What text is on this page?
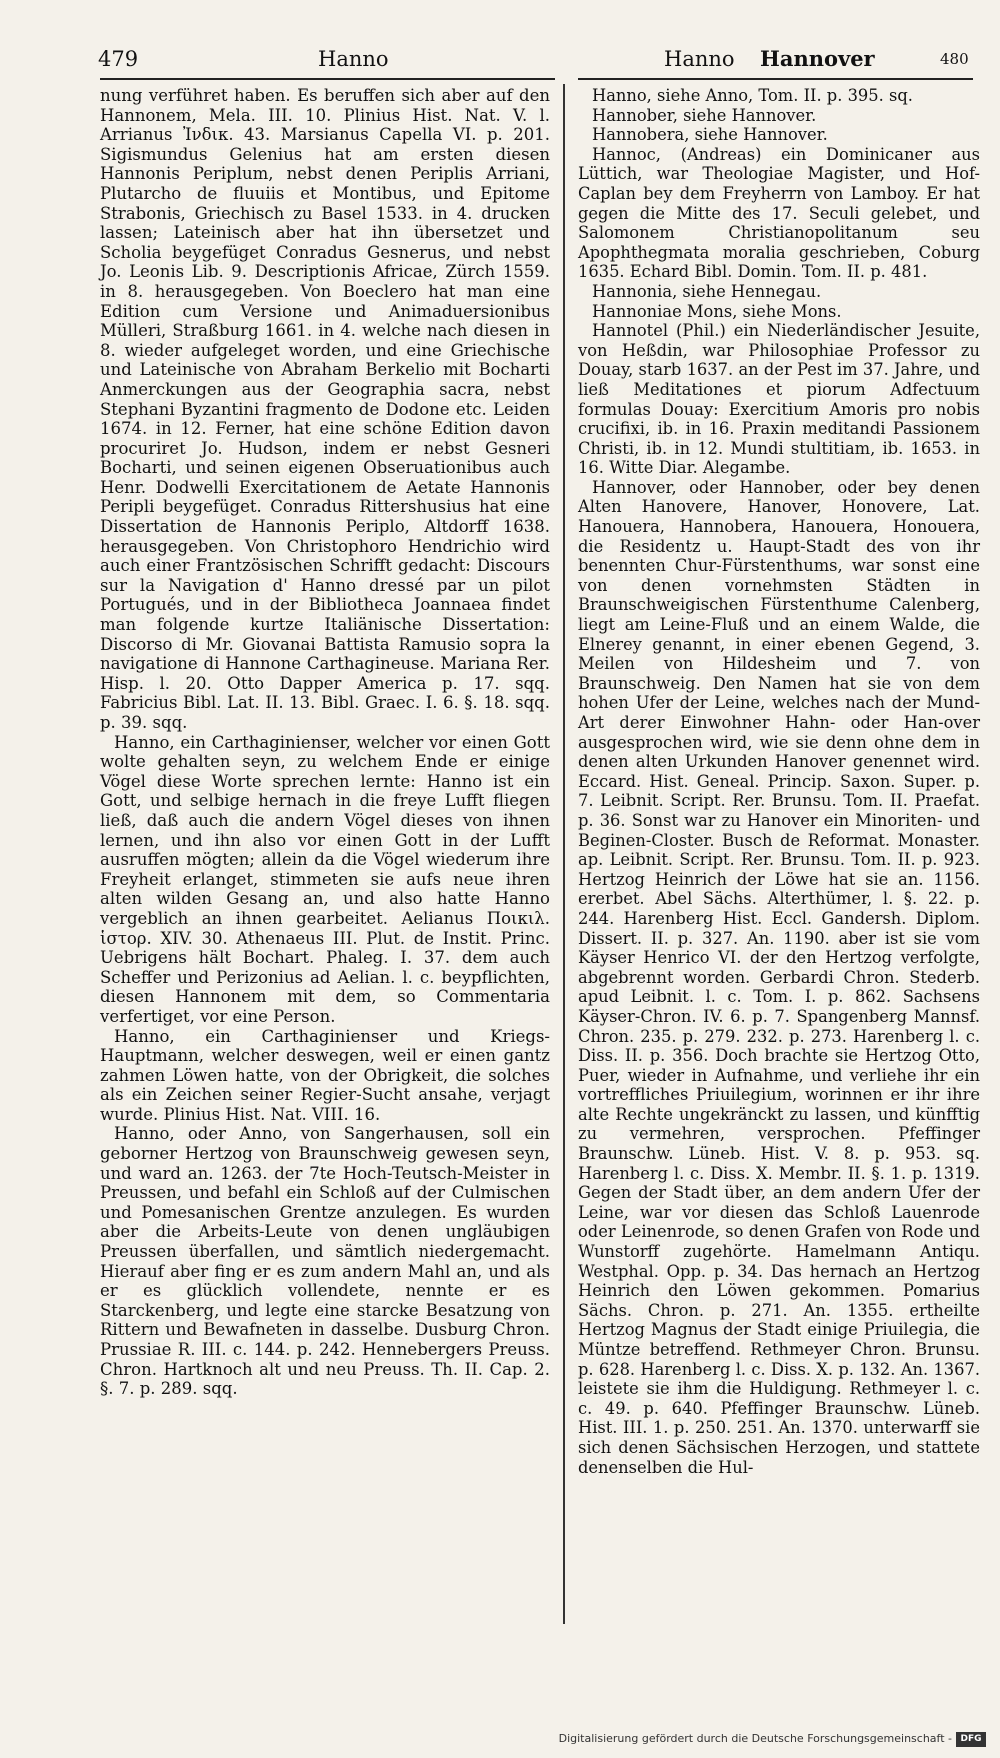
479	Hanno	Hanno Hannover	480

nung verführet haben. Es beruffen sich aber auf den Hannonem, Mela. III. 10. Plinius Hist. Nat. V. l. Arrianus Ἰνδικ. 43. Marsianus Capella VI. p. 201. Sigismundus Gelenius hat am ersten diesen Hannonis Periplum, nebst denen Periplis Arriani, Plutarcho de fluuiis et Montibus, und Epitome Strabonis, Griechisch zu Basel 1533. in 4. drucken lassen; Lateinisch aber hat ihn übersetzet und Scholia beygefüget Conradus Gesnerus, und nebst Jo. Leonis Lib. 9. Descriptionis Africae, Zürch 1559. in 8. herausgegeben. Von Boeclero hat man eine Edition cum Versione und Animaduersionibus Mülleri, Straßburg 1661. in 4. welche nach diesen in 8. wieder aufgeleget worden, und eine Griechische und Lateinische von Abraham Berkelio mit Bocharti Anmerckungen aus der Geographia sacra, nebst Stephani Byzantini fragmento de Dodone etc. Leiden 1674. in 12. Ferner, hat eine schöne Edition davon procuriret Jo. Hudson, indem er nebst Gesneri Bocharti, und seinen eigenen Obseruationibus auch Henr. Dodwelli Exercitationem de Aetate Hannonis Peripli beygefüget. Conradus Rittershusius hat eine Dissertation de Hannonis Periplo, Altdorff 1638. herausgegeben. Von Christophoro Hendrichio wird auch einer Frantzösischen Schrifft gedacht: Discours sur la Navigation d' Hanno dressé par un pilot Portugués, und in der Bibliotheca Joannaea findet man folgende kurtze Italiänische Dissertation: Discorso di Mr. Giovanai Battista Ramusio sopra la navigatione di Hannone Carthagineuse. Mariana Rer. Hisp. l. 20. Otto Dapper America p. 17. sqq. Fabricius Bibl. Lat. II. 13. Bibl. Graec. I. 6. §. 18. sqq. p. 39. sqq.

Hanno, ein Carthaginienser, welcher vor einen Gott wolte gehalten seyn, zu welchem Ende er einige Vögel diese Worte sprechen lernte: Hanno ist ein Gott, und selbige hernach in die freye Lufft fliegen ließ, daß auch die andern Vögel dieses von ihnen lernen, und ihn also vor einen Gott in der Lufft ausruffen mögten; allein da die Vögel wiederum ihre Freyheit erlanget, stimmeten sie aufs neue ihren alten wilden Gesang an, und also hatte Hanno vergeblich an ihnen gearbeitet. Aelianus Ποικιλ. ἱστορ. XIV. 30. Athenaeus III. Plut. de Instit. Princ. Uebrigens hält Bochart. Phaleg. I. 37. dem auch Scheffer und Perizonius ad Aelian. l. c. beypflichten, diesen Hannonem mit dem, so Commentaria verfertiget, vor eine Person.

Hanno, ein Carthaginienser und Kriegs-Hauptmann, welcher deswegen, weil er einen gantz zahmen Löwen hatte, von der Obrigkeit, die solches als ein Zeichen seiner Regier-Sucht ansahe, verjagt wurde. Plinius Hist. Nat. VIII. 16.

Hanno, oder Anno, von Sangerhausen, soll ein geborner Hertzog von Braunschweig gewesen seyn, und ward an. 1263. der 7te Hoch-Teutsch-Meister in Preussen, und befahl ein Schloß auf der Culmischen und Pomesanischen Grentze anzulegen. Es wurden aber die Arbeits-Leute von denen ungläubigen Preussen überfallen, und sämtlich niedergemacht. Hierauf aber fing er es zum andern Mahl an, und als er es glücklich vollendete, nennte er es Starckenberg, und legte eine starcke Besatzung von Rittern und Bewafneten in dasselbe. Dusburg Chron. Prussiae R. III. c. 144. p. 242. Hennebergers Preuss. Chron. Hartknoch alt und neu Preuss. Th. II. Cap. 2. §. 7. p. 289. sqq.

Hanno, siehe Anno, Tom. II. p. 395. sq.

Hannober, siehe Hannover.

Hannobera, siehe Hannover.

Hannoc, (Andreas) ein Dominicaner aus Lüttich, war Theologiae Magister, und Hof-Caplan bey dem Freyherrn von Lamboy. Er hat gegen die Mitte des 17. Seculi gelebet, und Salomonem Christianopolitanum seu Apophthegmata moralia geschrieben, Coburg 1635. Echard Bibl. Domin. Tom. II. p. 481.

Hannonia, siehe Hennegau.

Hannoniae Mons, siehe Mons.

Hannotel (Phil.) ein Niederländischer Jesuite, von Heßdin, war Philosophiae Professor zu Douay, starb 1637. an der Pest im 37. Jahre, und ließ Meditationes et piorum Adfectuum formulas Douay: Exercitium Amoris pro nobis crucifixi, ib. in 16. Praxin meditandi Passionem Christi, ib. in 12. Mundi stultitiam, ib. 1653. in 16. Witte Diar. Alegambe.

Hannover, oder Hannober, oder bey denen Alten Hanovere, Hanover, Honovere, Lat. Hanouera, Hannobera, Hanouera, Honouera, die Residentz u. Haupt-Stadt des von ihr benennten Chur-Fürstenthums, war sonst eine von denen vornehmsten Städten in Braunschweigischen Fürstenthume Calenberg, liegt am Leine-Fluß und an einem Walde, die Elnerey genannt, in einer ebenen Gegend, 3. Meilen von Hildesheim und 7. von Braunschweig. Den Namen hat sie von dem hohen Ufer der Leine, welches nach der Mund-Art derer Einwohner Hahn- oder Han-over ausgesprochen wird, wie sie denn ohne dem in denen alten Urkunden Hanover genennet wird. Eccard. Hist. Geneal. Princip. Saxon. Super. p. 7. Leibnit. Script. Rer. Brunsu. Tom. II. Praefat. p. 36. Sonst war zu Hanover ein Minoriten- und Beginen-Closter. Busch de Reformat. Monaster. ap. Leibnit. Script. Rer. Brunsu. Tom. II. p. 923. Hertzog Heinrich der Löwe hat sie an. 1156. ererbet. Abel Sächs. Alterthümer, l. §. 22. p. 244. Harenberg Hist. Eccl. Gandersh. Diplom. Dissert. II. p. 327. An. 1190. aber ist sie vom Käyser Henrico VI. der den Hertzog verfolgte, abgebrennt worden. Gerbardi Chron. Stederb. apud Leibnit. l. c. Tom. I. p. 862. Sachsens Käyser-Chron. IV. 6. p. 7. Spangenberg Mannsf. Chron. 235. p. 279. 232. p. 273. Harenberg l. c. Diss. II. p. 356. Doch brachte sie Hertzog Otto, Puer, wieder in Aufnahme, und verliehe ihr ein vortreffliches Priuilegium, worinnen er ihr ihre alte Rechte ungekränckt zu lassen, und künfftig zu vermehren, versprochen. Pfeffinger Braunschw. Lüneb. Hist. V. 8. p. 953. sq. Harenberg l. c. Diss. X. Membr. II. §. 1. p. 1319. Gegen der Stadt über, an dem andern Ufer der Leine, war vor diesen das Schloß Lauenrode oder Leinenrode, so denen Grafen von Rode und Wunstorff zugehörte. Hamelmann Antiqu. Westphal. Opp. p. 34. Das hernach an Hertzog Heinrich den Löwen gekommen. Pomarius Sächs. Chron. p. 271. An. 1355. ertheilte Hertzog Magnus der Stadt einige Priuilegia, die Müntze betreffend. Rethmeyer Chron. Brunsu. p. 628. Harenberg l. c. Diss. X. p. 132. An. 1367. leistete sie ihm die Huldigung. Rethmeyer l. c. c. 49. p. 640. Pfeffinger Braunschw. Lüneb. Hist. III. 1. p. 250. 251. An. 1370. unterwarff sie sich denen Sächsischen Herzogen, und stattete denenselben die Hul-

Digitalisierung gefördert durch die Deutsche Forschungsgemeinschaft - DFG
